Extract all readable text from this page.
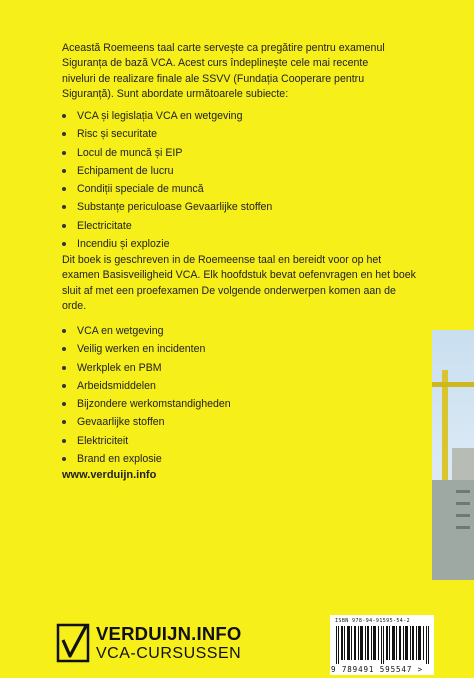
Această Roemeens taal carte servește ca pregătire pentru examenul Siguranța de bază VCA. Acest curs îndeplinește cele mai recente niveluri de realizare finale ale SSVV (Fundația Cooperare pentru Siguranță). Sunt abordate următoarele subiecte:
VCA și legislația VCA en wetgeving
Risc și securitate
Locul de muncă și EIP
Echipament de lucru
Condiții speciale de muncă
Substanțe periculoase Gevaarlijke stoffen
Electricitate
Incendiu și explozie
Dit boek is geschreven in de Roemeense taal en bereidt voor op het examen Basisveiligheid VCA. Elk hoofdstuk bevat oefenvragen en het boek sluit af met een proefexamen De volgende onderwerpen komen aan de orde.
VCA en wetgeving
Veilig werken en incidenten
Werkplek en PBM
Arbeidsmiddelen
Bijzondere werkomstandigheden
Gevaarlijke stoffen
Elektriciteit
Brand en explosie
www.verduijn.info
VERDUIJN.INFO
VCA-CURSUSSEN
ISBN 978-94-91595-54-2
9 789491 595547 >
